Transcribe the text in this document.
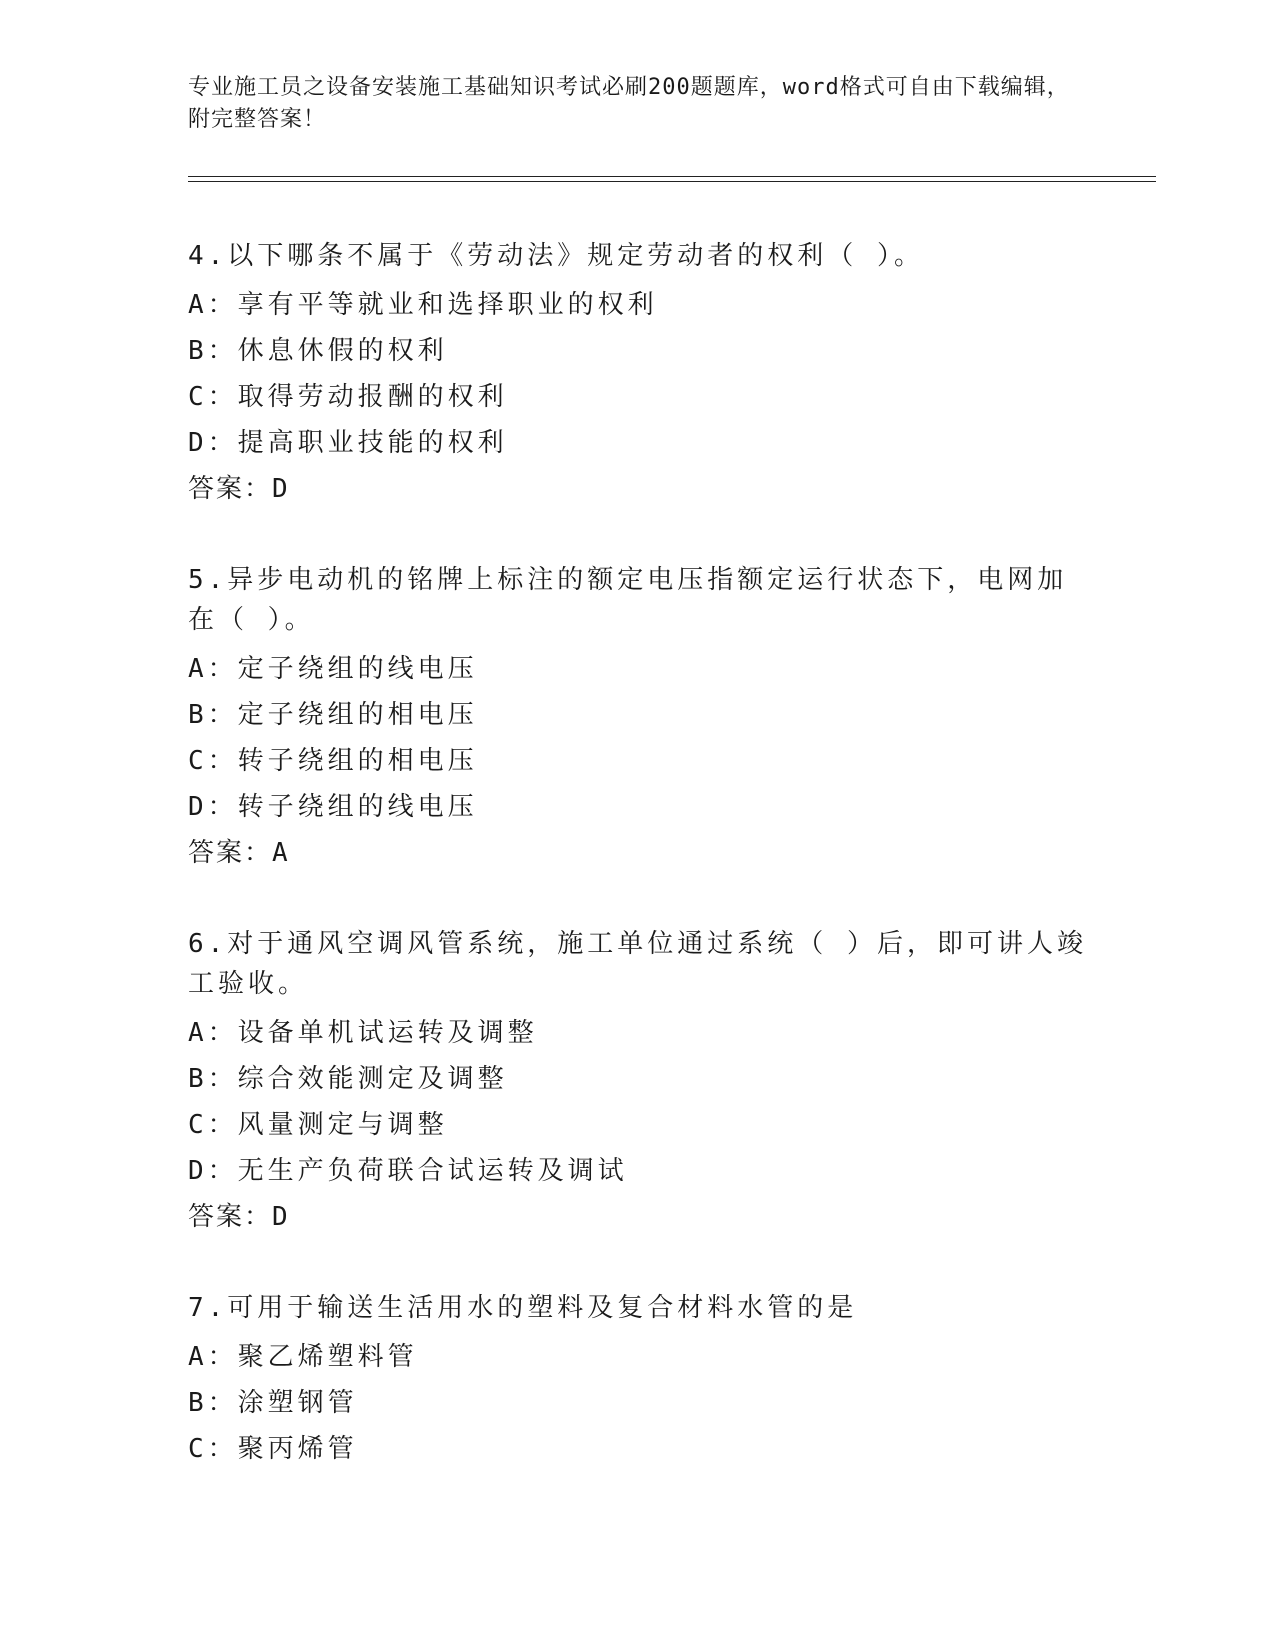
专业施工员之设备安装施工基础知识考试必刷200题题库，word格式可自由下载编辑，附完整答案！
4.以下哪条不属于《劳动法》规定劳动者的权利（ ）。
A：享有平等就业和选择职业的权利
B：休息休假的权利
C：取得劳动报酬的权利
D：提高职业技能的权利
答案：D
5.异步电动机的铭牌上标注的额定电压指额定运行状态下，电网加在（ ）。
A：定子绕组的线电压
B：定子绕组的相电压
C：转子绕组的相电压
D：转子绕组的线电压
答案：A
6.对于通风空调风管系统，施工单位通过系统（ ）后，即可讲人竣工验收。
A：设备单机试运转及调整
B：综合效能测定及调整
C：风量测定与调整
D：无生产负荷联合试运转及调试
答案：D
7.可用于输送生活用水的塑料及复合材料水管的是
A：聚乙烯塑料管
B：涂塑钢管
C：聚丙烯管
